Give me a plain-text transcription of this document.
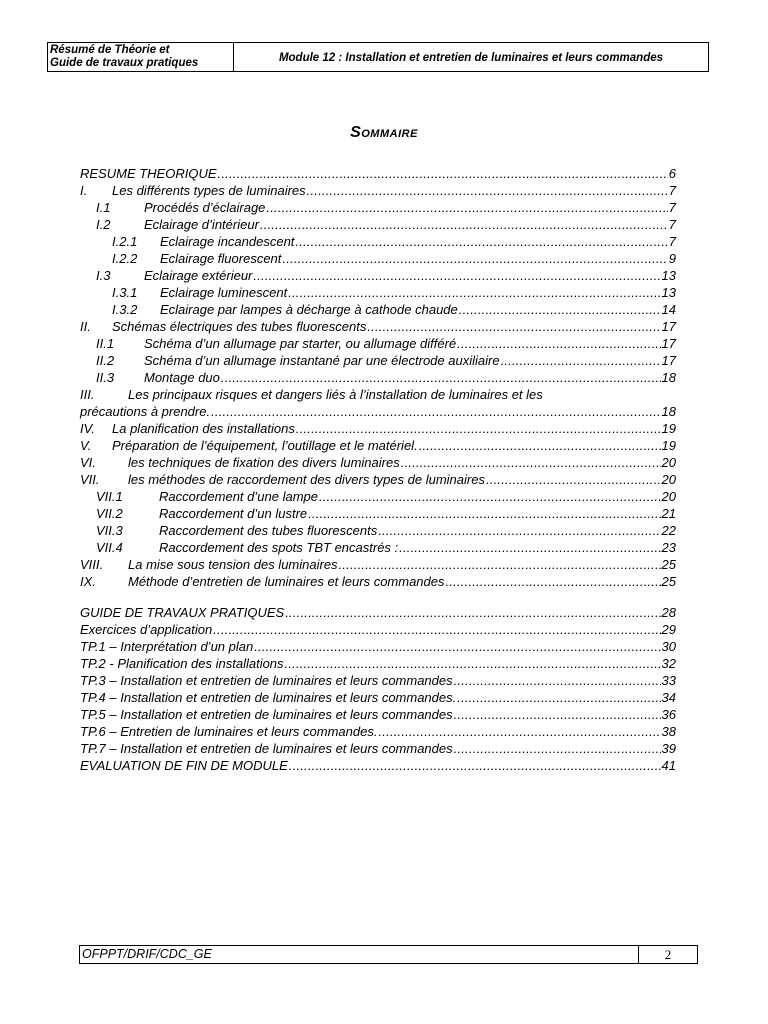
Résumé de Théorie et
Guide de travaux pratiques	Module 12 : Installation et entretien de luminaires et leurs commandes
Sommaire
RESUME THEORIQUE .....	6
I.	Les différents types de luminaires .....	7
I.1	Procédés d’éclairage .....	7
I.2	Eclairage d’intérieur .....	7
I.2.1	Eclairage incandescent .....	7
I.2.2	Eclairage fluorescent .....	9
I.3	Eclairage extérieur .....	13
I.3.1	Eclairage luminescent .....	13
I.3.2	Eclairage par lampes à décharge à cathode chaude .....	14
II.	Schémas électriques des tubes fluorescents .....	17
II.1	Schéma d’un allumage par starter, ou allumage différé .....	17
II.2	Schéma d’un allumage instantané par une électrode auxiliaire .....	17
II.3	Montage duo .....	18
III.	Les principaux risques et dangers liés à l’installation de luminaires et les
précautions à prendre. .....	18
IV.	La planification des installations .....	19
V.	Préparation de l’équipement, l’outillage et le matériel. .....	19
VI.	les techniques de fixation des divers luminaires .....	20
VII.	les méthodes de raccordement des divers types de luminaires .....	20
VII.1	Raccordement d’une lampe .....	20
VII.2	Raccordement d’un lustre .....	21
VII.3	Raccordement des tubes fluorescents .....	22
VII.4	Raccordement des spots TBT encastrés : .....	23
VIII.	La mise sous tension des luminaires .....	25
IX.	Méthode d’entretien de luminaires et leurs commandes .....	25
GUIDE DE TRAVAUX PRATIQUES .....	28
Exercices d’application .....	29
TP.1 – Interprétation d’un plan .....	30
TP.2 - Planification des installations .....	32
TP.3 – Installation et entretien de luminaires et leurs commandes .....	33
TP.4 – Installation et entretien de luminaires et leurs commandes. .....	34
TP.5 – Installation et entretien de luminaires et leurs commandes .....	36
TP.6 – Entretien de luminaires et leurs commandes. .....	38
TP.7 – Installation et entretien de luminaires et leurs commandes .....	39
EVALUATION DE FIN DE MODULE .....	41
OFPPT/DRIF/CDC_GE	2
